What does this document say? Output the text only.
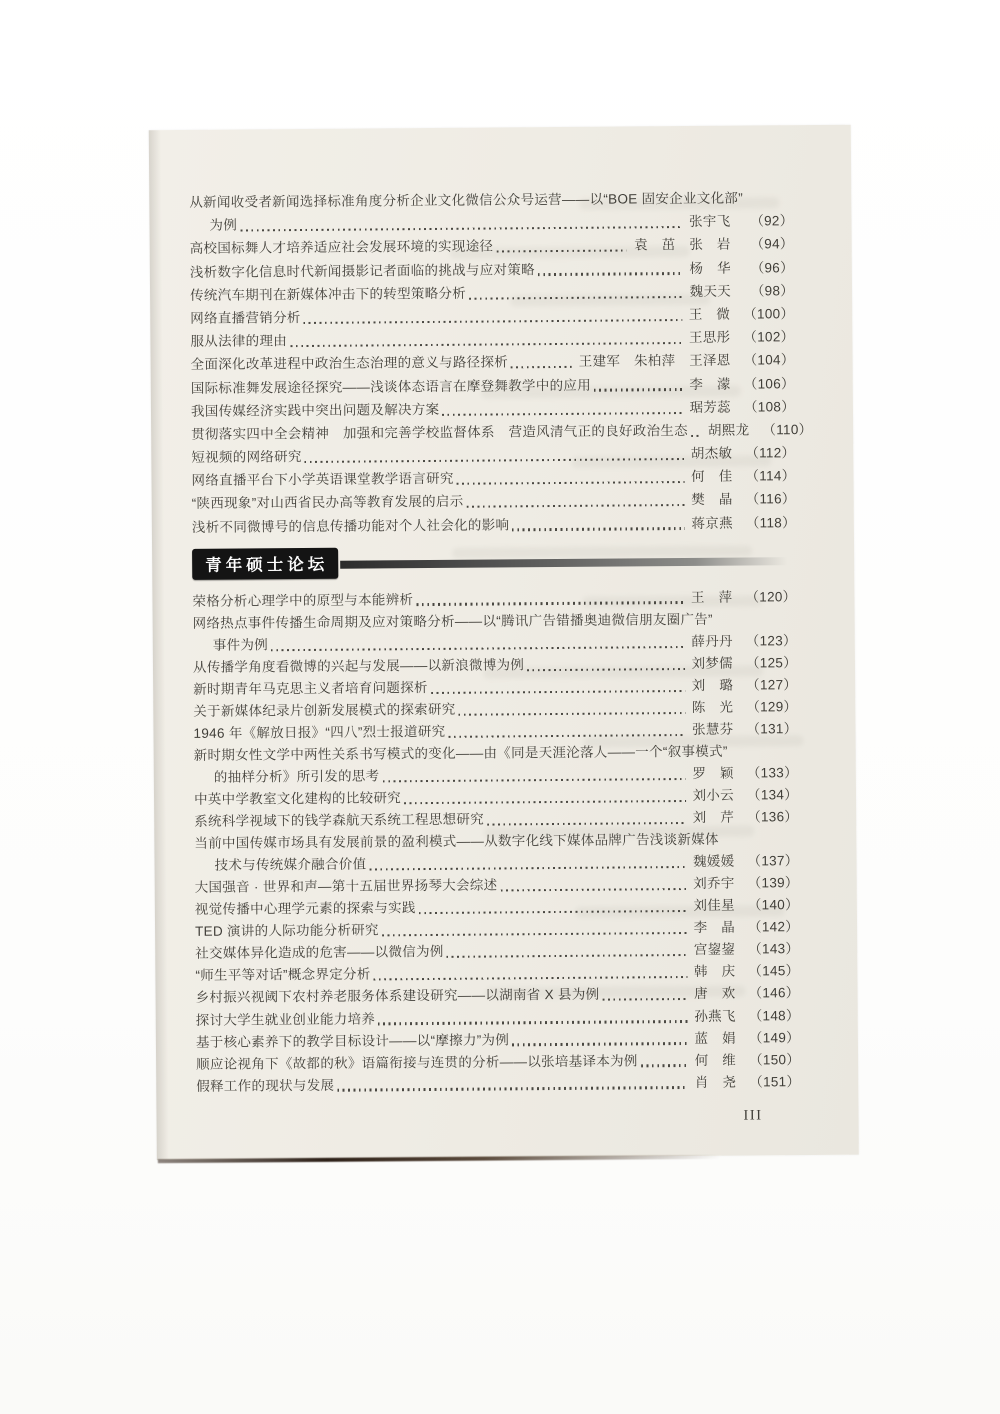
从新闻收受者新闻选择标准角度分析企业文化微信公众号运营——以“BOE 固安企业文化部”
为例	张宇飞	（92）
高校国标舞人才培养适应社会发展环境的实现途径	袁　茁　张　岩	（94）
浅析数字化信息时代新闻摄影记者面临的挑战与应对策略	杨　华	（96）
传统汽车期刊在新媒体冲击下的转型策略分析	魏天天	（98）
网络直播营销分析	王　微 （100）
服从法律的理由	王思彤 （102）
全面深化改革进程中政治生态治理的意义与路径探析	王建军　朱柏萍　王泽恩 （104）
国际标准舞发展途径探究——浅谈体态语言在摩登舞教学中的应用	李　濛 （106）
我国传媒经济实践中突出问题及解决方案	琚芳蕊 （108）
贯彻落实四中全会精神　加强和完善学校监督体系　营造风清气正的良好政治生态 胡熙龙 （110）
短视频的网络研究	胡杰敏 （112）
网络直播平台下小学英语课堂教学语言研究	何　佳 （114）
“陕西现象”对山西省民办高等教育发展的启示	樊　晶 （116）
浅析不同微博号的信息传播功能对个人社会化的影响	蒋京燕 （118）
青年硕士论坛
荣格分析心理学中的原型与本能辨析	王　萍 （120）
网络热点事件传播生命周期及应对策略分析——以“腾讯广告错播奥迪微信朋友圈广告”
事件为例	薛丹丹 （123）
从传播学角度看微博的兴起与发展——以新浪微博为例	刘梦儒 （125）
新时期青年马克思主义者培育问题探析	刘　璐 （127）
关于新媒体纪录片创新发展模式的探索研究	陈　光 （129）
1946 年《解放日报》“四八”烈士报道研究	张慧芬 （131）
新时期女性文学中两性关系书写模式的变化——由《同是天涯沦落人——一个“叙事模式”
的抽样分析》所引发的思考	罗　颖 （133）
中英中学教室文化建构的比较研究	刘小云 （134）
系统科学视域下的钱学森航天系统工程思想研究	刘　芹 （136）
当前中国传媒市场具有发展前景的盈利模式——从数字化线下媒体品牌广告浅谈新媒体
技术与传统媒介融合价值	魏媛媛 （137）
大国强音 · 世界和声—第十五届世界扬琴大会综述	刘乔宇 （139）
视觉传播中心理学元素的探索与实践	刘佳星 （140）
TED 演讲的人际功能分析研究	李　晶 （142）
社交媒体异化造成的危害——以微信为例	宫鋆鋆 （143）
“师生平等对话”概念界定分析	韩　庆 （145）
乡村振兴视阈下农村养老服务体系建设研究——以湖南省 X 县为例	唐　欢 （146）
探讨大学生就业创业能力培养	孙燕飞 （148）
基于核心素养下的教学目标设计——以“摩擦力”为例	蓝　娟 （149）
顺应论视角下《故都的秋》语篇衔接与连贯的分析——以张培基译本为例	何　维 （150）
假释工作的现状与发展	肖　尧 （151）
III
